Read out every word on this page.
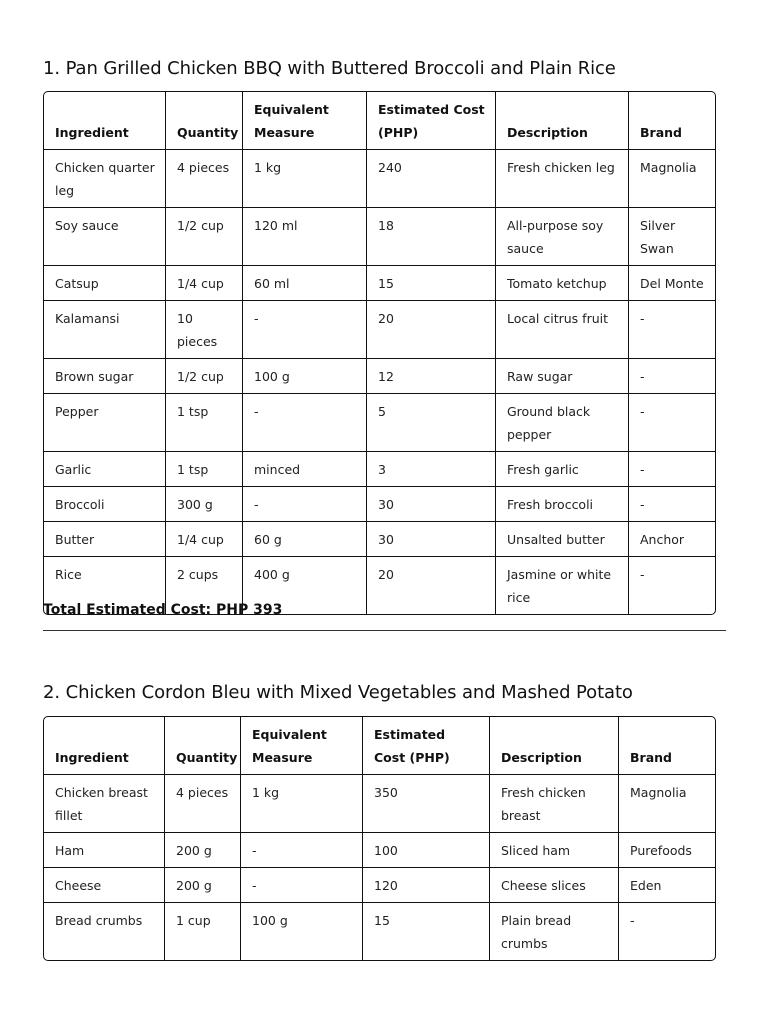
1. Pan Grilled Chicken BBQ with Buttered Broccoli and Plain Rice
Ingredient	Quantity	Equivalent Measure	Estimated Cost (PHP)	Description	Brand
Chicken quarter leg	4 pieces	1 kg	240	Fresh chicken leg	Magnolia
Soy sauce	1/2 cup	120 ml	18	All-purpose soy sauce	Silver Swan
Catsup	1/4 cup	60 ml	15	Tomato ketchup	Del Monte
Kalamansi	10 pieces	-	20	Local citrus fruit	-
Brown sugar	1/2 cup	100 g	12	Raw sugar	-
Pepper	1 tsp	-	5	Ground black pepper	-
Garlic	1 tsp	minced	3	Fresh garlic	-
Broccoli	300 g	-	30	Fresh broccoli	-
Butter	1/4 cup	60 g	30	Unsalted butter	Anchor
Rice	2 cups	400 g	20	Jasmine or white rice	-

Total Estimated Cost: PHP 393

2. Chicken Cordon Bleu with Mixed Vegetables and Mashed Potato
Ingredient	Quantity	Equivalent Measure	Estimated Cost (PHP)	Description	Brand
Chicken breast fillet	4 pieces	1 kg	350	Fresh chicken breast	Magnolia
Ham	200 g	-	100	Sliced ham	Purefoods
Cheese	200 g	-	120	Cheese slices	Eden
Bread crumbs	1 cup	100 g	15	Plain bread crumbs	-
